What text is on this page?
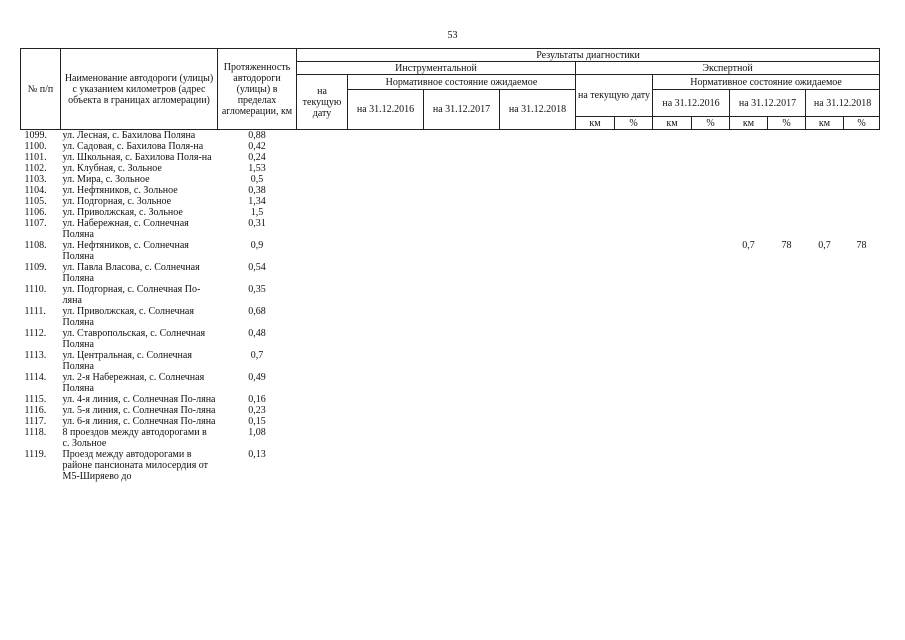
53
№ п/п	Наименование автодороги (улицы) с указанием километров (адрес объекта в границах агломерации)	Протяженность автодороги (улицы) в пределах агломерации, км	Результаты диагностики											
			Инструментальной				Экспертной							
			на текущую дату	Нормативное состояние ожидаемое			на текущую дату		Нормативное состояние ожидаемое					
				на 31.12.2016	на 31.12.2017	на 31.12.2018			на 31.12.2016		на 31.12.2017		на 31.12.2018	
							км	%	км	%	км	%	км	%
1099.	ул. Лесная, с. Бахилова Поляна	0,88												
1100.	ул. Садовая, с. Бахилова Поля-на	0,42												
1101.	ул. Школьная, с. Бахилова Поля-на	0,24												
1102.	ул. Клубная, с. Зольное	1,53												
1103.	ул. Мира, с. Зольное	0,5												
1104.	ул. Нефтяников, с. Зольное	0,38												
1105.	ул. Подгорная, с. Зольное	1,34												
1106.	ул. Приволжская, с. Зольное	1,5												
1107.	ул. Набережная, с. Солнечная Поляна	0,31												
1108.	ул. Нефтяников, с. Солнечная Поляна	0,9									0,7	78	0,7	78
1109.	ул. Павла Власова, с. Солнечная Поляна	0,54												
1110.	ул. Подгорная, с. Солнечная По-ляна	0,35												
1111.	ул. Приволжская, с. Солнечная Поляна	0,68												
1112.	ул. Ставропольская, с. Солнечная Поляна	0,48												
1113.	ул. Центральная, с. Солнечная Поляна	0,7												
1114.	ул. 2-я Набережная, с. Солнечная Поляна	0,49												
1115.	ул. 4-я линия, с. Солнечная По-ляна	0,16												
1116.	ул. 5-я линия, с. Солнечная По-ляна	0,23												
1117.	ул. 6-я линия, с. Солнечная По-ляна	0,15												
1118.	8 проездов между автодорогами в с. Зольное	1,08												
1119.	Проезд между автодорогами в районе пансионата милосердия от М5-Ширяево до	0,13												
